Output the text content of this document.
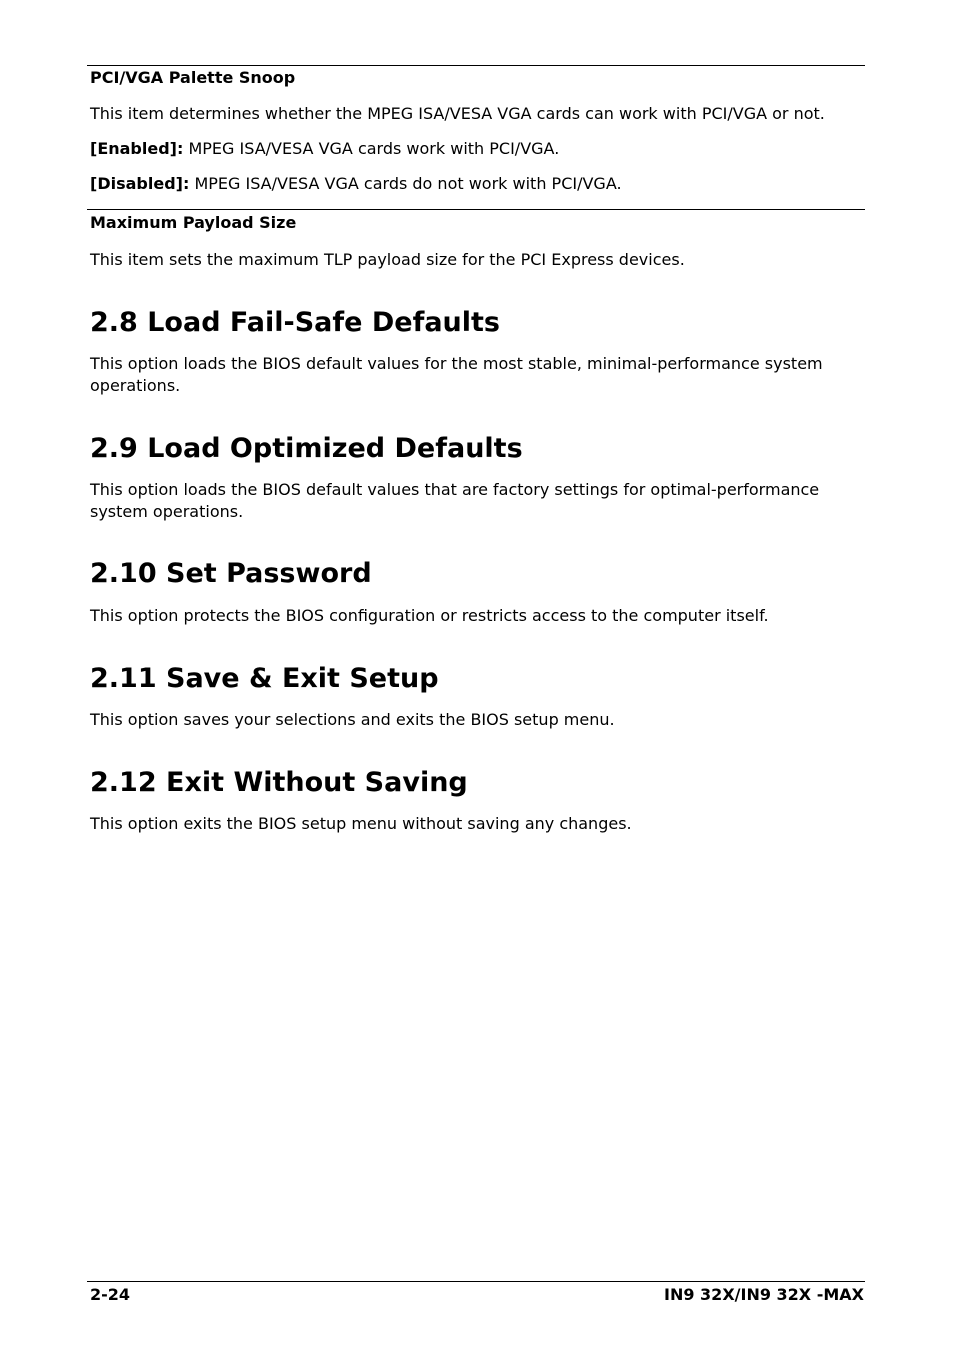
PCI/VGA Palette Snoop
This item determines whether the MPEG ISA/VESA VGA cards can work with PCI/VGA or not.
[Enabled]: MPEG ISA/VESA VGA cards work with PCI/VGA.
[Disabled]: MPEG ISA/VESA VGA cards do not work with PCI/VGA.
Maximum Payload Size
This item sets the maximum TLP payload size for the PCI Express devices.
2.8 Load Fail-Safe Defaults
This option loads the BIOS default values for the most stable, minimal-performance system operations.
2.9 Load Optimized Defaults
This option loads the BIOS default values that are factory settings for optimal-performance system operations.
2.10 Set Password
This option protects the BIOS configuration or restricts access to the computer itself.
2.11 Save & Exit Setup
This option saves your selections and exits the BIOS setup menu.
2.12 Exit Without Saving
This option exits the BIOS setup menu without saving any changes.
2-24	IN9 32X/IN9 32X -MAX
